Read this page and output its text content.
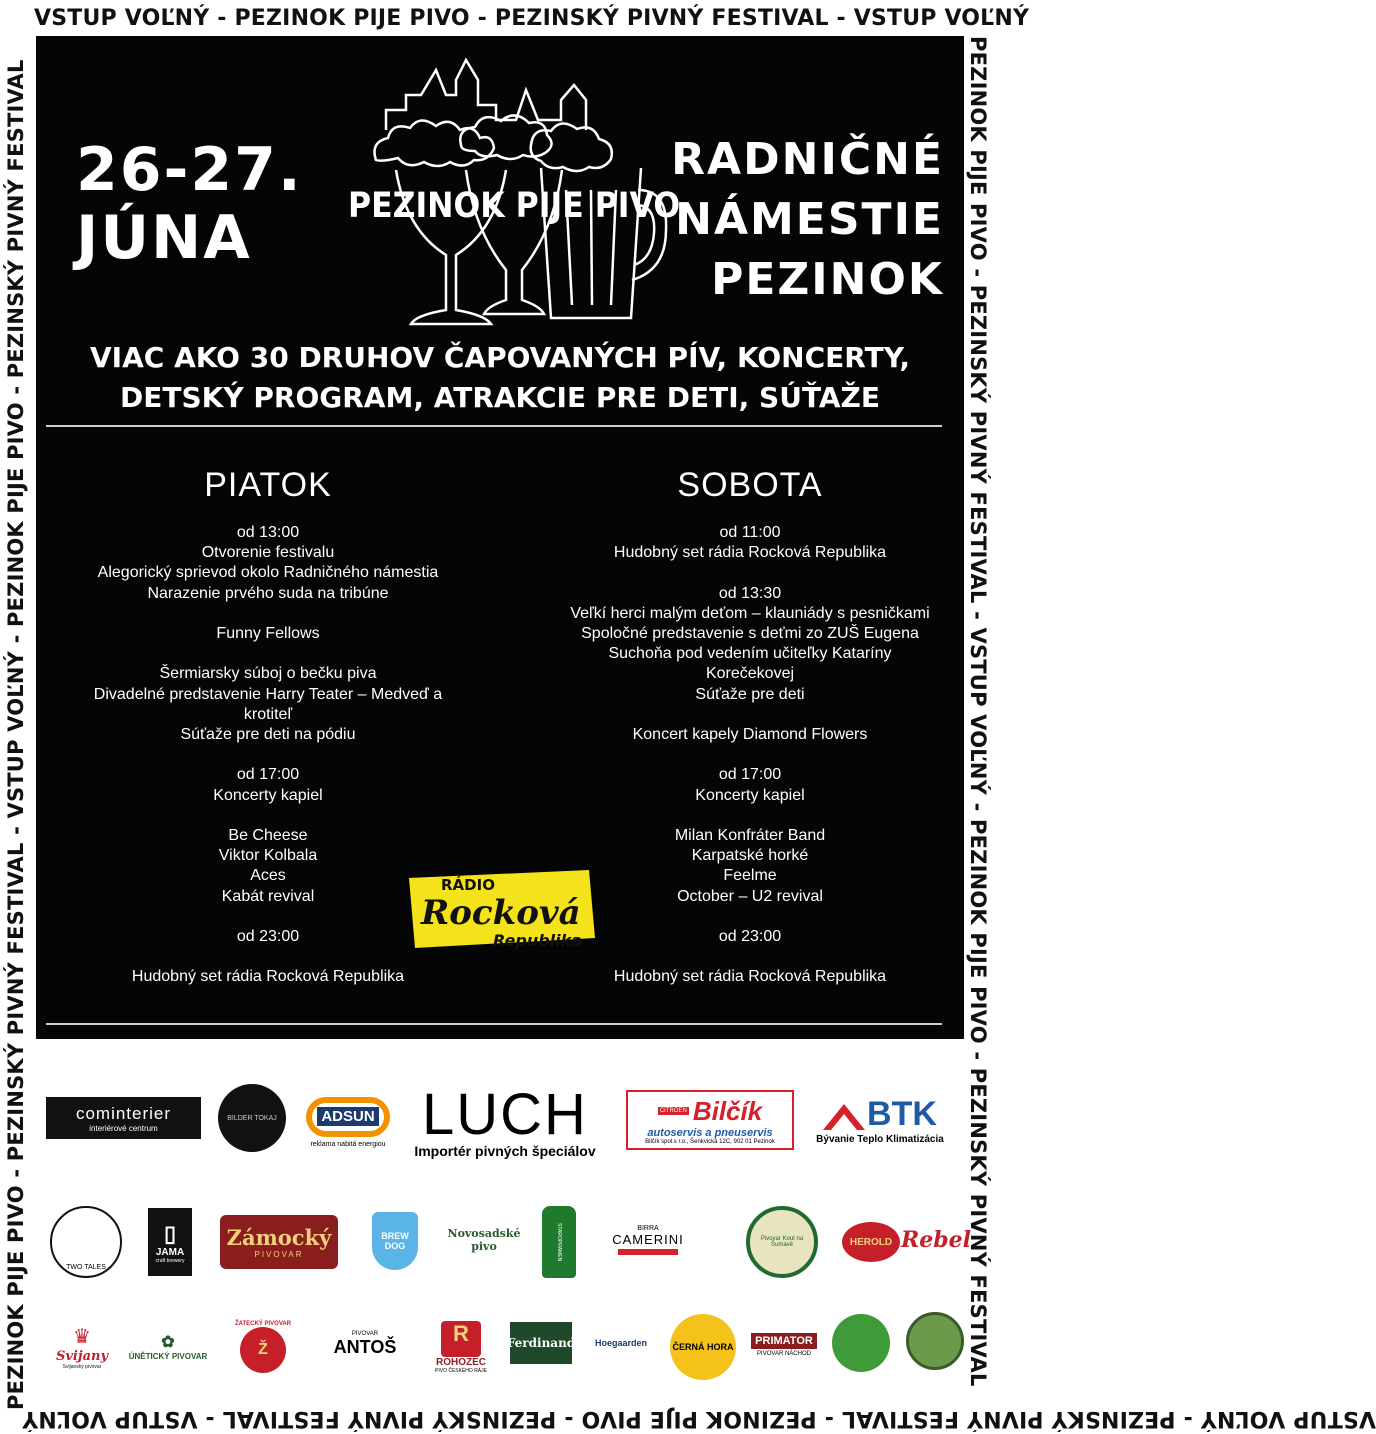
VSTUP VOĽNÝ - PEZINOK PIJE PIVO - PEZINSKÝ PIVNÝ FESTIVAL - VSTUP VOĽNÝ
PEZINOK PIJE PIVO - PEZINSKÝ PIVNÝ FESTIVAL - VSTUP VOĽNÝ - PEZINOK PIJE PIVO - PEZINSKÝ PIVNÝ FESTIVAL
VSTUP VOĽNÝ - PEZINSKÝ PIVNÝ FESTIVAL - PEZINOK PIJE PIVO - PEZINSKÝ PIVNÝ FESTIVAL - VSTUP VOĽNÝ
PEZINOK PIJE PIVO - PEZINSKÝ PIVNÝ FESTIVAL - VSTUP VOĽNÝ - PEZINOK PIJE PIVO - PEZINSKÝ PIVNÝ FESTIVAL 26-27.
JÚNA	PEZINOK PIJE PIVO
RADNIČNÉ
NÁMESTIE
PEZINOK
VIAC AKO 30 DRUHOV ČAPOVANÝCH PÍV, KONCERTY,
DETSKÝ PROGRAM, ATRAKCIE PRE DETI, SÚŤAŽE
PIATOK
od 13:00
Otvorenie festivalu
Alegorický sprievod okolo Radničného námestia
Narazenie prvého suda na tribúne
Funny Fellows
Šermiarsky súboj o bečku piva
Divadelné predstavenie Harry Teater – Medveď a
krotiteľ
Súťaže pre deti na pódiu
od 17:00
Koncerty kapiel
Be Cheese
Viktor Kolbala
Aces
Kabát revival
od 23:00
Hudobný set rádia Rocková Republika
SOBOTA
od 11:00
Hudobný set rádia Rocková Republika
od 13:30
Veľkí herci malým deťom – klauniády s pesničkami
Spoločné predstavenie s deťmi zo ZUŠ Eugena
Suchoňa pod vedením učiteľky Kataríny
Korečekovej
Súťaže pre deti
Koncert kapely Diamond Flowers
od 17:00
Koncerty kapiel
Milan Konfráter Band
Karpatské horké
Feelme
October – U2 revival
od 23:00
Hudobný set rádia Rocková Republika
RÁDIO
Rocková
Republika
cominterier
interiérové centrum
BILDER TOKAJ	ADSUN
reklama nabitá energiou LUCH
Importér pivných špeciálov
CITROËN Bilčík
autoservis a pneuservis
Bilčík spol.s r.o., Šenkvická 12C, 902 01 Pezinok
BTK
Bývanie Teplo Klimatizácia
TWO TALES
▯
JAMA
craft brewery
Zámocký
PIVOVAR
BREW DOG
Novosadské pivo	STAROPRAMEN	BIRRA
CAMERINI	Pivovar Kout na Šumavě	HEROLD Rebel
♛
Svijany
Svijanský pivovar
✿
ÚNĚTICKÝ PIVOVAR
ŽATECKÝ PIVOVAR
Ž
PIVOVAR
ANTOŠ
R
ROHOZEC
PIVO ČESKÉHO RÁJE
Ferdinand Hoegaarden	ČERNÁ HORA	PRIMATOR
PIVOVAR NÁCHOD
